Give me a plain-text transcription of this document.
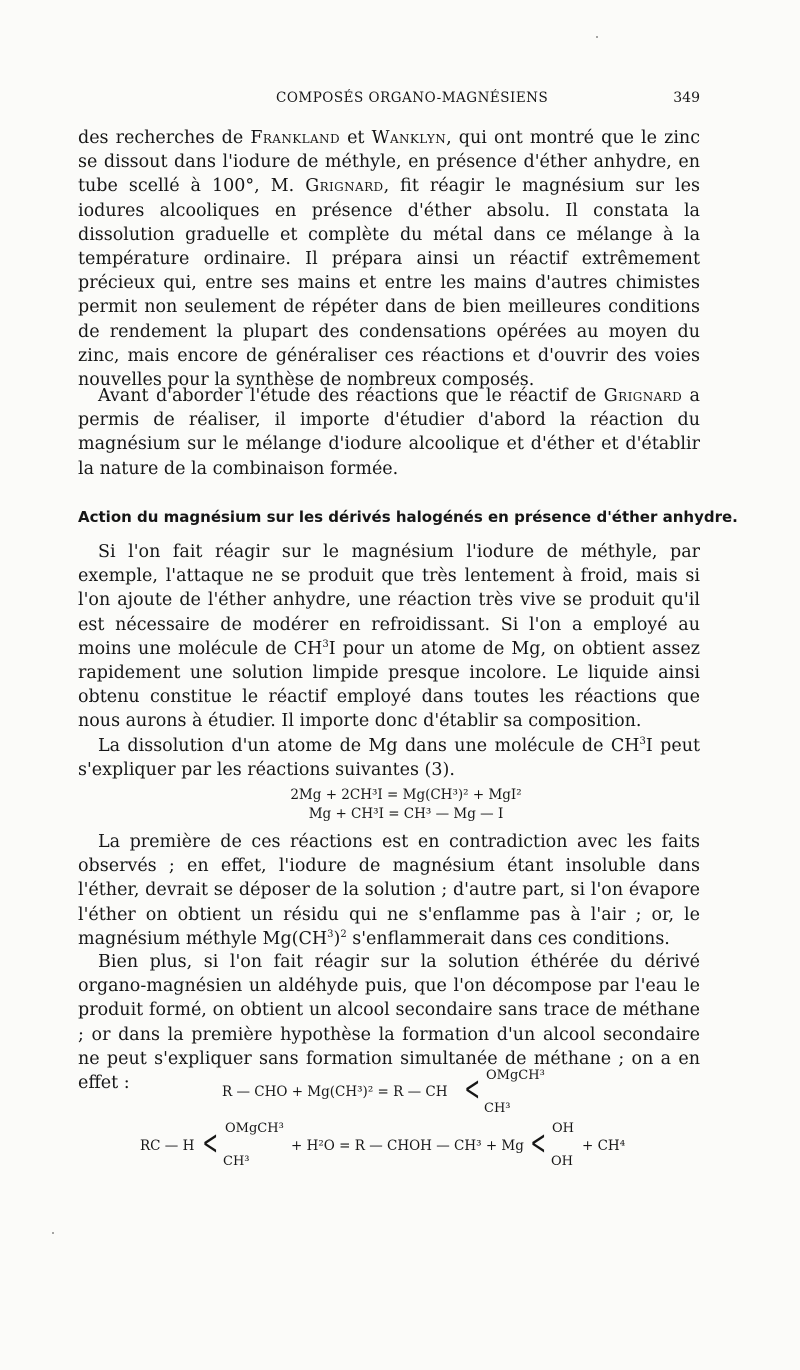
COMPOSÉS ORGANO-MAGNÉSIENS	349

des recherches de Frankland et Wanklyn, qui ont montré que le zinc se dissout dans l'iodure de méthyle, en présence d'éther anhydre, en tube scellé à 100°, M. Grignard, fit réagir le magnésium sur les iodures alcooliques en présence d'éther absolu. Il constata la dissolution graduelle et complète du métal dans ce mélange à la température ordinaire. Il prépara ainsi un réactif extrêmement précieux qui, entre ses mains et entre les mains d'autres chimistes permit non seulement de répéter dans de bien meilleures conditions de rendement la plupart des condensations opérées au moyen du zinc, mais encore de généraliser ces réactions et d'ouvrir des voies nouvelles pour la synthèse de nombreux composés.

Avant d'aborder l'étude des réactions que le réactif de Grignard a permis de réaliser, il importe d'étudier d'abord la réaction du magnésium sur le mélange d'iodure alcoolique et d'éther et d'établir la nature de la combinaison formée.

Action du magnésium sur les dérivés halogénés en présence d'éther anhydre.

Si l'on fait réagir sur le magnésium l'iodure de méthyle, par exemple, l'attaque ne se produit que très lentement à froid, mais si l'on ajoute de l'éther anhydre, une réaction très vive se produit qu'il est nécessaire de modérer en refroidissant. Si l'on a employé au moins une molécule de $CH^3I$ pour un atome de Mg, on obtient assez rapidement une solution limpide presque incolore. Le liquide ainsi obtenu constitue le réactif employé dans toutes les réactions que nous aurons à étudier. Il importe donc d'établir sa composition.

La dissolution d'un atome de Mg dans une molécule de $CH^3I$ peut s'expliquer par les réactions suivantes (3).

2Mg + 2CH³I = Mg(CH³)² + MgI²
Mg + CH³I = CH³ — Mg — I

La première de ces réactions est en contradiction avec les faits observés ; en effet, l'iodure de magnésium étant insoluble dans l'éther, devrait se déposer de la solution ; d'autre part, si l'on évapore l'éther on obtient un résidu qui ne s'enflamme pas à l'air ; or, le magnésium méthyle $Mg(CH^3)^2$ s'enflammerait dans ces conditions.

Bien plus, si l'on fait réagir sur la solution éthérée du dérivé organo-magnésien un aldéhyde puis, que l'on décompose par l'eau le produit formé, on obtient un alcool secondaire sans trace de méthane ; or dans la première hypothèse la formation d'un alcool secondaire ne peut s'expliquer sans formation simultanée de méthane ; on a en effet :	R — CHO + Mg(CH³)² = R — CH < OMgCH³
CH³
RC — H < OMgCH³
CH³
+ H²O = R — CHOH — CH³ + Mg < OH
OH
+ CH⁴
